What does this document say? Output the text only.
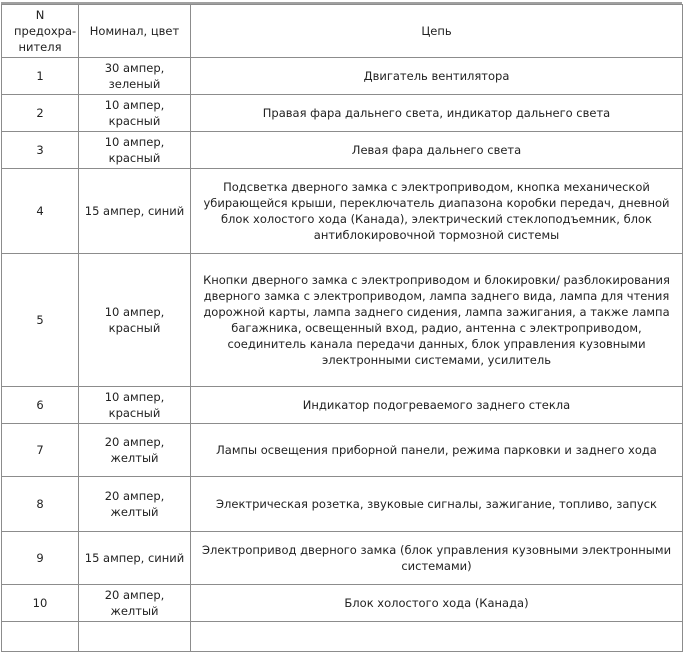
N предохра-нителя	Номинал, цвет	Цепь
1	30 ампер, зеленый	Двигатель вентилятора
2	10 ампер, красный	Правая фара дальнего света, индикатор дальнего света
3	10 ампер, красный	Левая фара дальнего света
4	15 ампер, синий	Подсветка дверного замка с электроприводом, кнопка механической убирающейся крыши, переключатель диапазона коробки передач, дневной блок холостого хода (Канада), электрический стеклоподъемник, блок антиблокировочной тормозной системы
5	10 ампер, красный	Кнопки дверного замка с электроприводом и блокировки/ разблокирования дверного замка с электроприводом, лампа заднего вида, лампа для чтения дорожной карты, лампа заднего сидения, лампа зажигания, а также лампа багажника, освещенный вход, радио, антенна с электроприводом, соединитель канала передачи данных, блок управления кузовными электронными системами, усилитель
6	10 ампер, красный	Индикатор подогреваемого заднего стекла
7	20 ампер, желтый	Лампы освещения приборной панели, режима парковки и заднего хода
8	20 ампер, желтый	Электрическая розетка, звуковые сигналы, зажигание, топливо, запуск
9	15 ампер, синий	Электропривод дверного замка (блок управления кузовными электронными системами)
10	20 ампер, желтый	Блок холостого хода (Канада)
